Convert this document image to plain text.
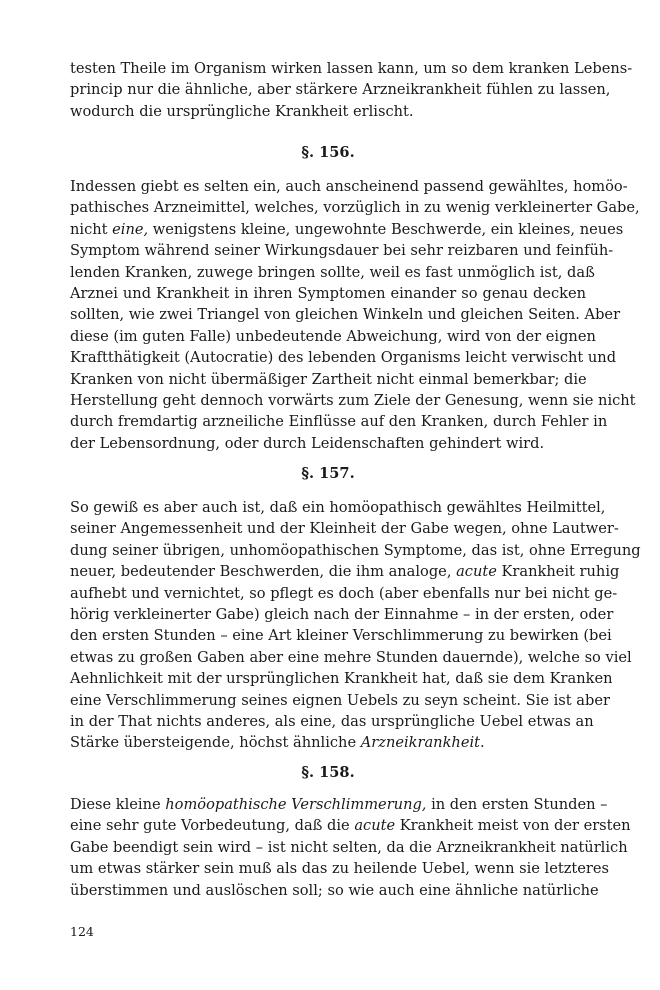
testen Theile im Organism wirken lassen kann, um so dem kranken Lebens-
princip nur die ähnliche, aber stärkere Arzneikrankheit fühlen zu lassen,
wodurch die ursprüngliche Krankheit erlischt.
§. 156.
Indessen giebt es selten ein, auch anscheinend passend gewähltes, homöo-
pathisches Arzneimittel, welches, vorzüglich in zu wenig verkleinerter Gabe,
nicht eine, wenigstens kleine, ungewohnte Beschwerde, ein kleines, neues
Symptom während seiner Wirkungsdauer bei sehr reizbaren und feinfüh-
lenden Kranken, zuwege bringen sollte, weil es fast unmöglich ist, daß
Arznei und Krankheit in ihren Symptomen einander so genau decken
sollten, wie zwei Triangel von gleichen Winkeln und gleichen Seiten. Aber
diese (im guten Falle) unbedeutende Abweichung, wird von der eignen
Kraftthätigkeit (Autocratie) des lebenden Organisms leicht verwischt und
Kranken von nicht übermäßiger Zartheit nicht einmal bemerkbar; die
Herstellung geht dennoch vorwärts zum Ziele der Genesung, wenn sie nicht
durch fremdartig arzneiliche Einflüsse auf den Kranken, durch Fehler in
der Lebensordnung, oder durch Leidenschaften gehindert wird.
§. 157.
So gewiß es aber auch ist, daß ein homöopathisch gewähltes Heilmittel,
seiner Angemessenheit und der Kleinheit der Gabe wegen, ohne Lautwer-
dung seiner übrigen, unhomöopathischen Symptome, das ist, ohne Erregung
neuer, bedeutender Beschwerden, die ihm analoge, acute Krankheit ruhig
aufhebt und vernichtet, so pflegt es doch (aber ebenfalls nur bei nicht ge-
hörig verkleinerter Gabe) gleich nach der Einnahme – in der ersten, oder
den ersten Stunden – eine Art kleiner Verschlimmerung zu bewirken (bei
etwas zu großen Gaben aber eine mehre Stunden dauernde), welche so viel
Aehnlichkeit mit der ursprünglichen Krankheit hat, daß sie dem Kranken
eine Verschlimmerung seines eignen Uebels zu seyn scheint. Sie ist aber
in der That nichts anderes, als eine, das ursprüngliche Uebel etwas an
Stärke übersteigende, höchst ähnliche Arzneikrankheit.
§. 158.
Diese kleine homöopathische Verschlimmerung, in den ersten Stunden –
eine sehr gute Vorbedeutung, daß die acute Krankheit meist von der ersten
Gabe beendigt sein wird – ist nicht selten, da die Arzneikrankheit natürlich
um etwas stärker sein muß als das zu heilende Uebel, wenn sie letzteres
überstimmen und auslöschen soll; so wie auch eine ähnliche natürliche
124
